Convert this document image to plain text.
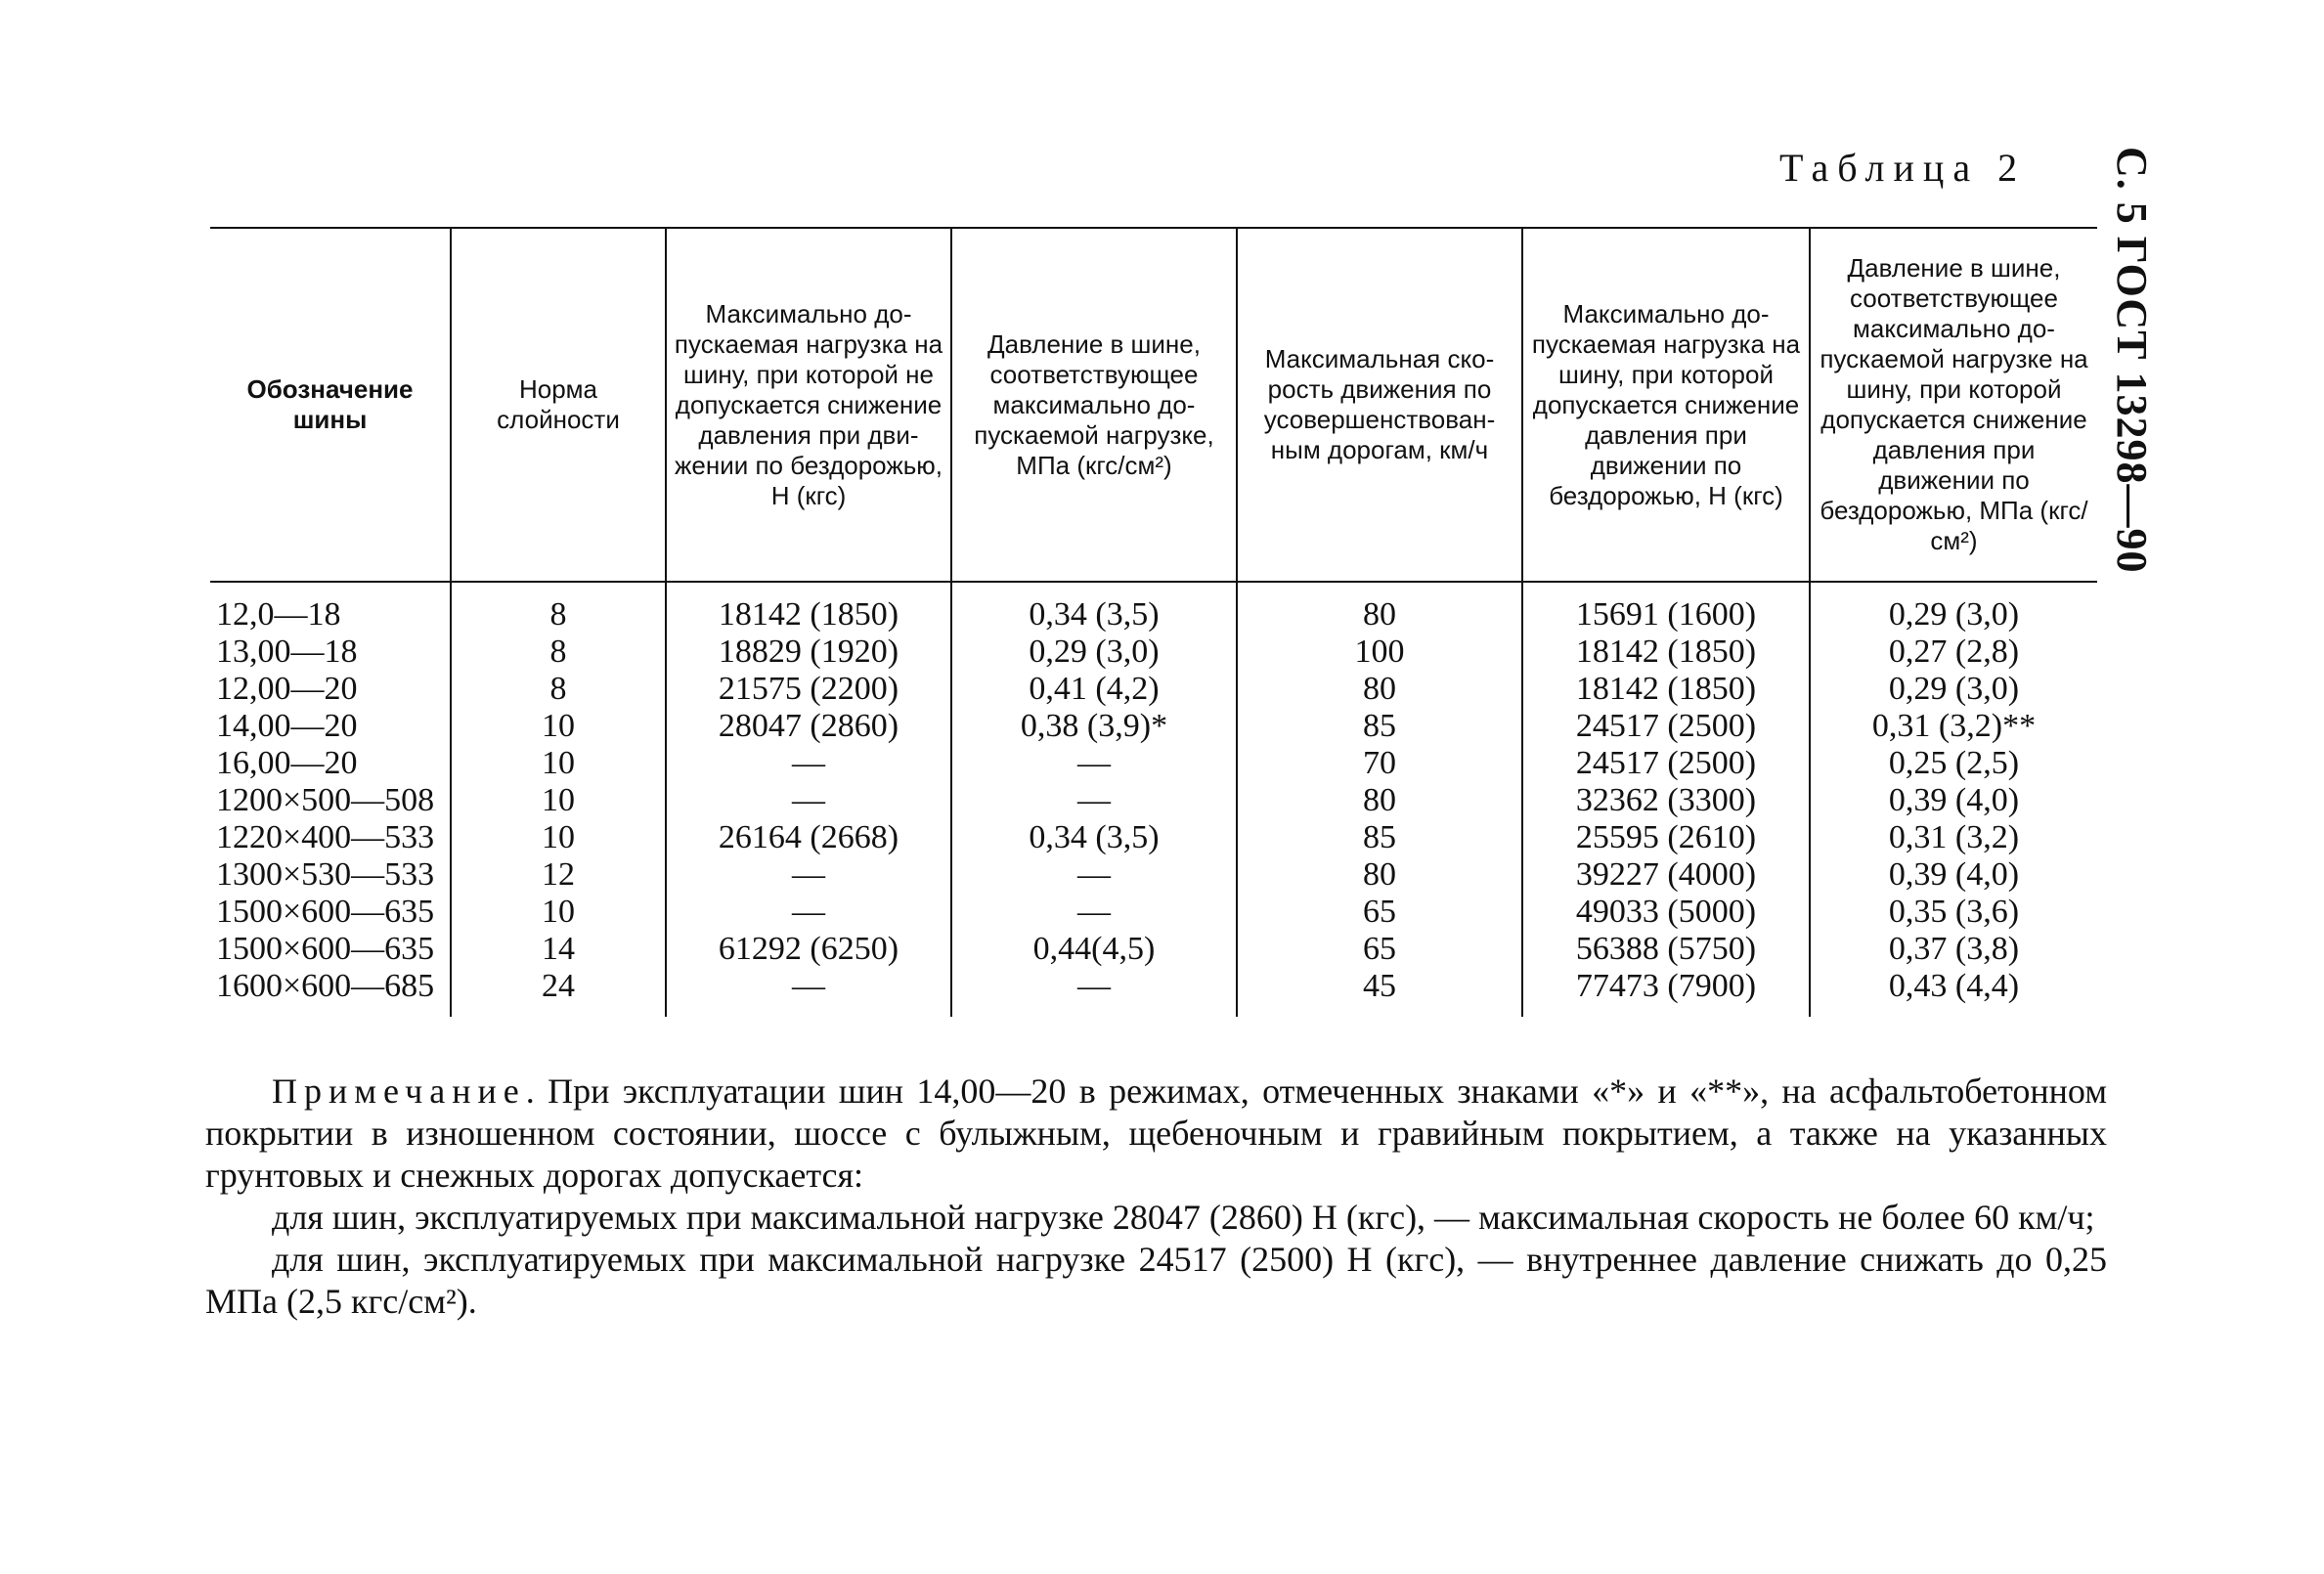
С. 5 ГОСТ 13298—90
Таблица 2
Обозначение шины	Норма слойности	Максимально допускаемая нагрузка на шину, при которой не допускается снижение давления при движении по бездорожью, Н (кгс)	Давление в шине, соответствующее максимально допускаемой нагрузке, МПа (кгс/см²)	Максимальная скорость движения по усовершенствованным дорогам, км/ч	Максимально допускаемая нагрузка на шину, при которой допускается снижение давления при движении по бездорожью, Н (кгс)	Давление в шине, соответствующее максимально допускаемой нагрузке на шину, при которой допускается снижение давления при движении по бездорожью, МПа (кгс/см²)
12,0—18	8	18142 (1850)	0,34 (3,5)	80	15691 (1600)	0,29 (3,0)
13,00—18	8	18829 (1920)	0,29 (3,0)	100	18142 (1850)	0,27 (2,8)
12,00—20	8	21575 (2200)	0,41 (4,2)	80	18142 (1850)	0,29 (3,0)
14,00—20	10	28047 (2860)	0,38 (3,9)*	85	24517 (2500)	0,31 (3,2)**
16,00—20	10	—	—	70	24517 (2500)	0,25 (2,5)
1200×500—508	10	—	—	80	32362 (3300)	0,39 (4,0)
1220×400—533	10	26164 (2668)	0,34 (3,5)	85	25595 (2610)	0,31 (3,2)
1300×530—533	12	—	—	80	39227 (4000)	0,39 (4,0)
1500×600—635	10	—	—	65	49033 (5000)	0,35 (3,6)
1500×600—635	14	61292 (6250)	0,44(4,5)	65	56388 (5750)	0,37 (3,8)
1600×600—685	24	—	—	45	77473 (7900)	0,43 (4,4)

Примечание. При эксплуатации шин 14,00—20 в режимах, отмеченных знаками «*» и «**», на асфальтобетонном покрытии в изношенном состоянии, шоссе с булыжным, щебеночным и гравийным покрытием, а также на указанных грунтовых и снежных дорогах допускается:

для шин, эксплуатируемых при максимальной нагрузке 28047 (2860) Н (кгс), — максимальная скорость не более 60 км/ч;

для шин, эксплуатируемых при максимальной нагрузке 24517 (2500) Н (кгс), — внутреннее давление снижать до 0,25 МПа (2,5 кгс/см²).
